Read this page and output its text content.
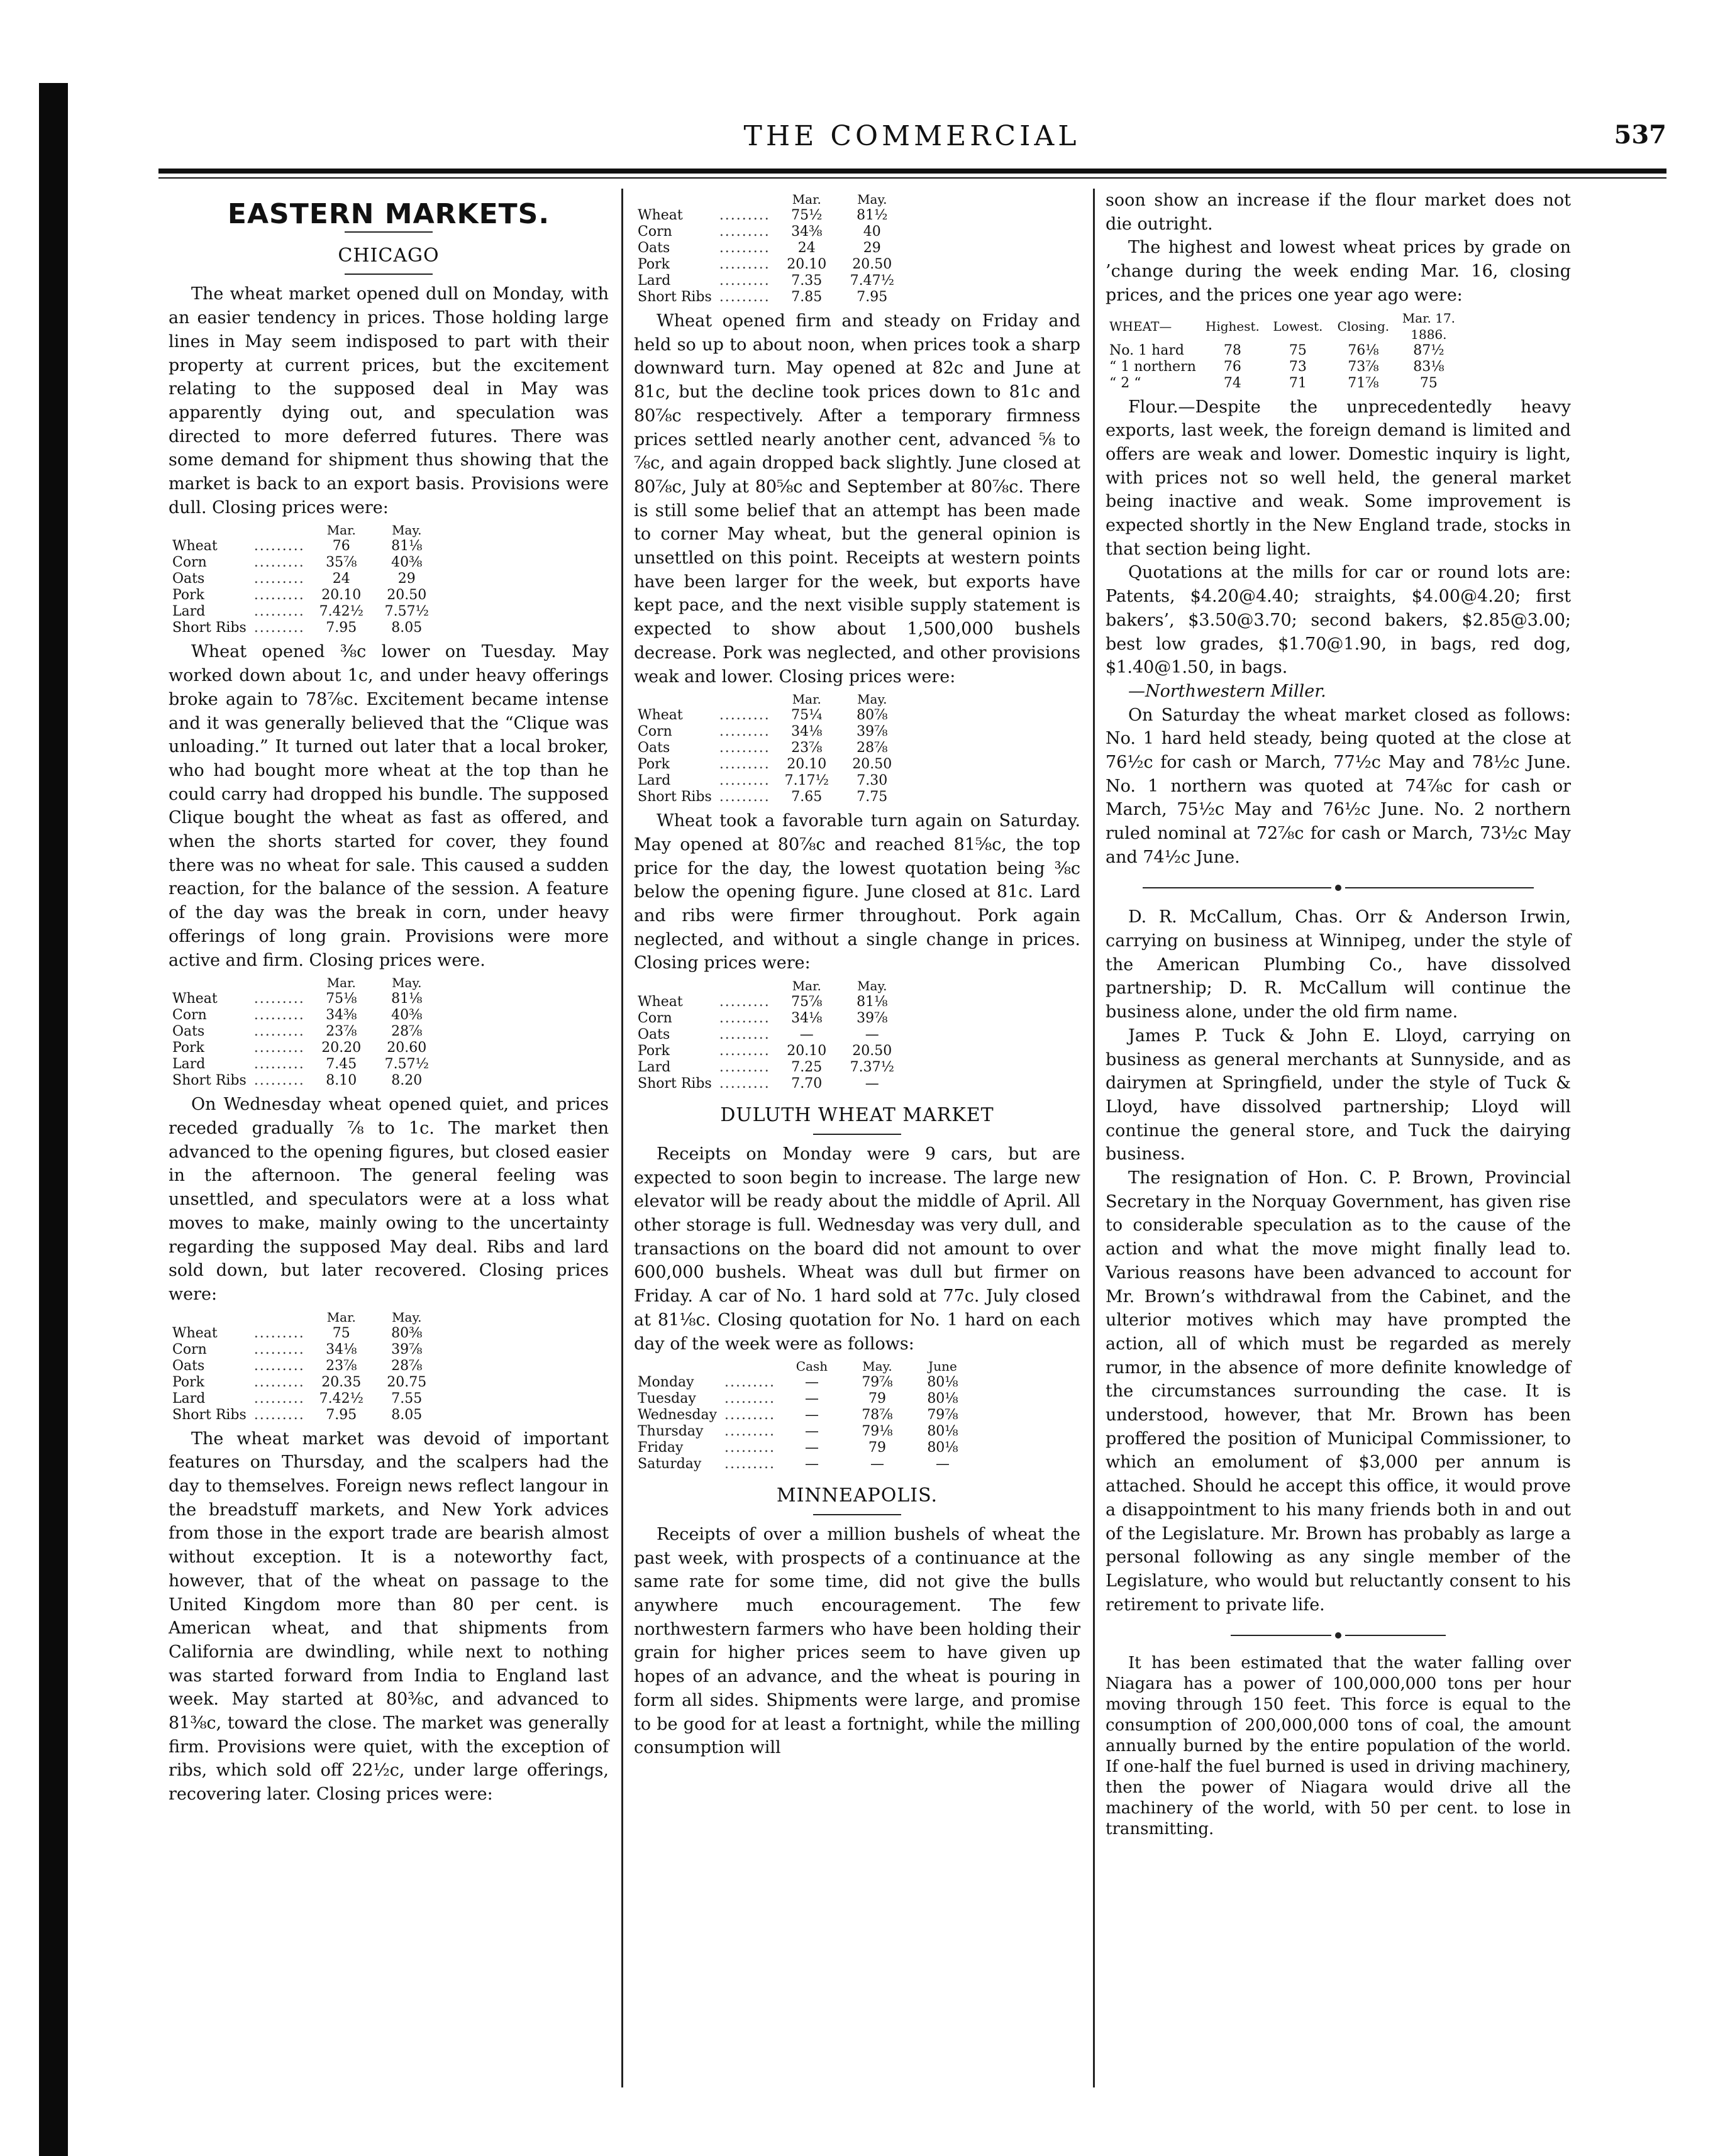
THE COMMERCIAL	537
EASTERN MARKETS.
CHICAGO

The wheat market opened dull on Monday, with an easier tendency in prices. Those holding large lines in May seem indisposed to part with their property at current prices, but the excitement relating to the supposed deal in May was apparently dying out, and speculation was directed to more deferred futures. There was some demand for shipment thus showing that the market is back to an export basis. Provisions were dull. Closing prices were:

		Mar.	May.
Wheat	.........	76	81⅛
Corn	.........	35⅞	40⅜
Oats	.........	24	29
Pork	.........	20.10	20.50
Lard	.........	7.42½	7.57½
Short Ribs	.........	7.95	8.05

Wheat opened ⅜c lower on Tuesday. May worked down about 1c, and under heavy offerings broke again to 78⅞c. Excitement became intense and it was generally believed that the “Clique was unloading.” It turned out later that a local broker, who had bought more wheat at the top than he could carry had dropped his bundle. The supposed Clique bought the wheat as fast as offered, and when the shorts started for cover, they found there was no wheat for sale. This caused a sudden reaction, for the balance of the session. A feature of the day was the break in corn, under heavy offerings of long grain. Provisions were more active and firm. Closing prices were.

		Mar.	May.
Wheat	.........	75⅛	81⅛
Corn	.........	34⅜	40⅜
Oats	.........	23⅞	28⅞
Pork	.........	20.20	20.60
Lard	.........	7.45	7.57½
Short Ribs	.........	8.10	8.20

On Wednesday wheat opened quiet, and prices receded gradually ⅞ to 1c. The market then advanced to the opening figures, but closed easier in the afternoon. The general feeling was unsettled, and speculators were at a loss what moves to make, mainly owing to the uncertainty regarding the supposed May deal. Ribs and lard sold down, but later recovered. Closing prices were:

		Mar.	May.
Wheat	.........	75	80⅜
Corn	.........	34⅛	39⅞
Oats	.........	23⅞	28⅞
Pork	.........	20.35	20.75
Lard	.........	7.42½	7.55
Short Ribs	.........	7.95	8.05

The wheat market was devoid of important features on Thursday, and the scalpers had the day to themselves. Foreign news reflect langour in the breadstuff markets, and New York advices from those in the export trade are bearish almost without exception. It is a noteworthy fact, however, that of the wheat on passage to the United Kingdom more than 80 per cent. is American wheat, and that shipments from California are dwindling, while next to nothing was started forward from India to England last week. May started at 80⅜c, and advanced to 81⅜c, toward the close. The market was generally firm. Provisions were quiet, with the exception of ribs, which sold off 22½c, under large offerings, recovering later. Closing prices were:

		Mar.	May.
Wheat	.........	75½	81½
Corn	.........	34⅜	40
Oats	.........	24	29
Pork	.........	20.10	20.50
Lard	.........	7.35	7.47½
Short Ribs	.........	7.85	7.95

Wheat opened firm and steady on Friday and held so up to about noon, when prices took a sharp downward turn. May opened at 82c and June at 81c, but the decline took prices down to 81c and 80⅞c respectively. After a temporary firmness prices settled nearly another cent, advanced ⅝ to ⅞c, and again dropped back slightly. June closed at 80⅞c, July at 80⅝c and September at 80⅞c. There is still some belief that an attempt has been made to corner May wheat, but the general opinion is unsettled on this point. Receipts at western points have been larger for the week, but exports have kept pace, and the next visible supply statement is expected to show about 1,500,000 bushels decrease. Pork was neglected, and other provisions weak and lower. Closing prices were:

		Mar.	May.
Wheat	.........	75¼	80⅞
Corn	.........	34⅛	39⅞
Oats	.........	23⅞	28⅞
Pork	.........	20.10	20.50
Lard	.........	7.17½	7.30
Short Ribs	.........	7.65	7.75

Wheat took a favorable turn again on Saturday. May opened at 80⅞c and reached 81⅝c, the top price for the day, the lowest quotation being ⅜c below the opening figure. June closed at 81c. Lard and ribs were firmer throughout. Pork again neglected, and without a single change in prices. Closing prices were:

		Mar.	May.
Wheat	.........	75⅞	81⅛
Corn	.........	34⅛	39⅞
Oats	.........	—	—
Pork	.........	20.10	20.50
Lard	.........	7.25	7.37½
Short Ribs	.........	7.70	—
DULUTH WHEAT MARKET

Receipts on Monday were 9 cars, but are expected to soon begin to increase. The large new elevator will be ready about the middle of April. All other storage is full. Wednesday was very dull, and transactions on the board did not amount to over 600,000 bushels. Wheat was dull but firmer on Friday. A car of No. 1 hard sold at 77c. July closed at 81⅛c. Closing quotation for No. 1 hard on each day of the week were as follows:

		Cash	May.	June
Monday	.........	—	79⅞	80⅛
Tuesday	.........	—	79	80⅛
Wednesday	.........	—	78⅞	79⅞
Thursday	.........	—	79⅛	80⅛
Friday	.........	—	79	80⅛
Saturday	.........	—	—	—
MINNEAPOLIS.

Receipts of over a million bushels of wheat the past week, with prospects of a continuance at the same rate for some time, did not give the bulls anywhere much encouragement. The few northwestern farmers who have been holding their grain for higher prices seem to have given up hopes of an advance, and the wheat is pouring in form all sides. Shipments were large, and promise to be good for at least a fortnight, while the milling consumption will

soon show an increase if the flour market does not die outright.

The highest and lowest wheat prices by grade on ’change during the week ending Mar. 16, closing prices, and the prices one year ago were:

WHEAT—	Highest.	Lowest.	Closing.	Mar. 17. 1886.
No. 1 hard	78	75	76⅛	87½
“ 1 northern	76	73	73⅞	83⅛
“ 2 “	74	71	71⅞	75

Flour.—Despite the unprecedentedly heavy exports, last week, the foreign demand is limited and offers are weak and lower. Domestic inquiry is light, with prices not so well held, the general market being inactive and weak. Some improvement is expected shortly in the New England trade, stocks in that section being light.

Quotations at the mills for car or round lots are: Patents, $4.20@4.40; straights, $4.00@4.20; first bakers’, $3.50@3.70; second bakers, $2.85@3.00; best low grades, $1.70@1.90, in bags, red dog, $1.40@1.50, in bags.

—Northwestern Miller.

On Saturday the wheat market closed as follows: No. 1 hard held steady, being quoted at the close at 76½c for cash or March, 77½c May and 78½c June. No. 1 northern was quoted at 74⅞c for cash or March, 75½c May and 76½c June. No. 2 northern ruled nominal at 72⅞c for cash or March, 73½c May and 74½c June.

D. R. McCallum, Chas. Orr & Anderson Irwin, carrying on business at Winnipeg, under the style of the American Plumbing Co., have dissolved partnership; D. R. McCallum will continue the business alone, under the old firm name.

James P. Tuck & John E. Lloyd, carrying on business as general merchants at Sunnyside, and as dairymen at Springfield, under the style of Tuck & Lloyd, have dissolved partnership; Lloyd will continue the general store, and Tuck the dairying business.

The resignation of Hon. C. P. Brown, Provincial Secretary in the Norquay Government, has given rise to considerable speculation as to the cause of the action and what the move might finally lead to. Various reasons have been advanced to account for Mr. Brown’s withdrawal from the Cabinet, and the ulterior motives which may have prompted the action, all of which must be regarded as merely rumor, in the absence of more definite knowledge of the circumstances surrounding the case. It is understood, however, that Mr. Brown has been proffered the position of Municipal Commissioner, to which an emolument of $3,000 per annum is attached. Should he accept this office, it would prove a disappointment to his many friends both in and out of the Legislature. Mr. Brown has probably as large a personal following as any single member of the Legislature, who would but reluctantly consent to his retirement to private life.

It has been estimated that the water falling over Niagara has a power of 100,000,000 tons per hour moving through 150 feet. This force is equal to the consumption of 200,000,000 tons of coal, the amount annually burned by the entire population of the world. If one-half the fuel burned is used in driving machinery, then the power of Niagara would drive all the machinery of the world, with 50 per cent. to lose in transmitting.
